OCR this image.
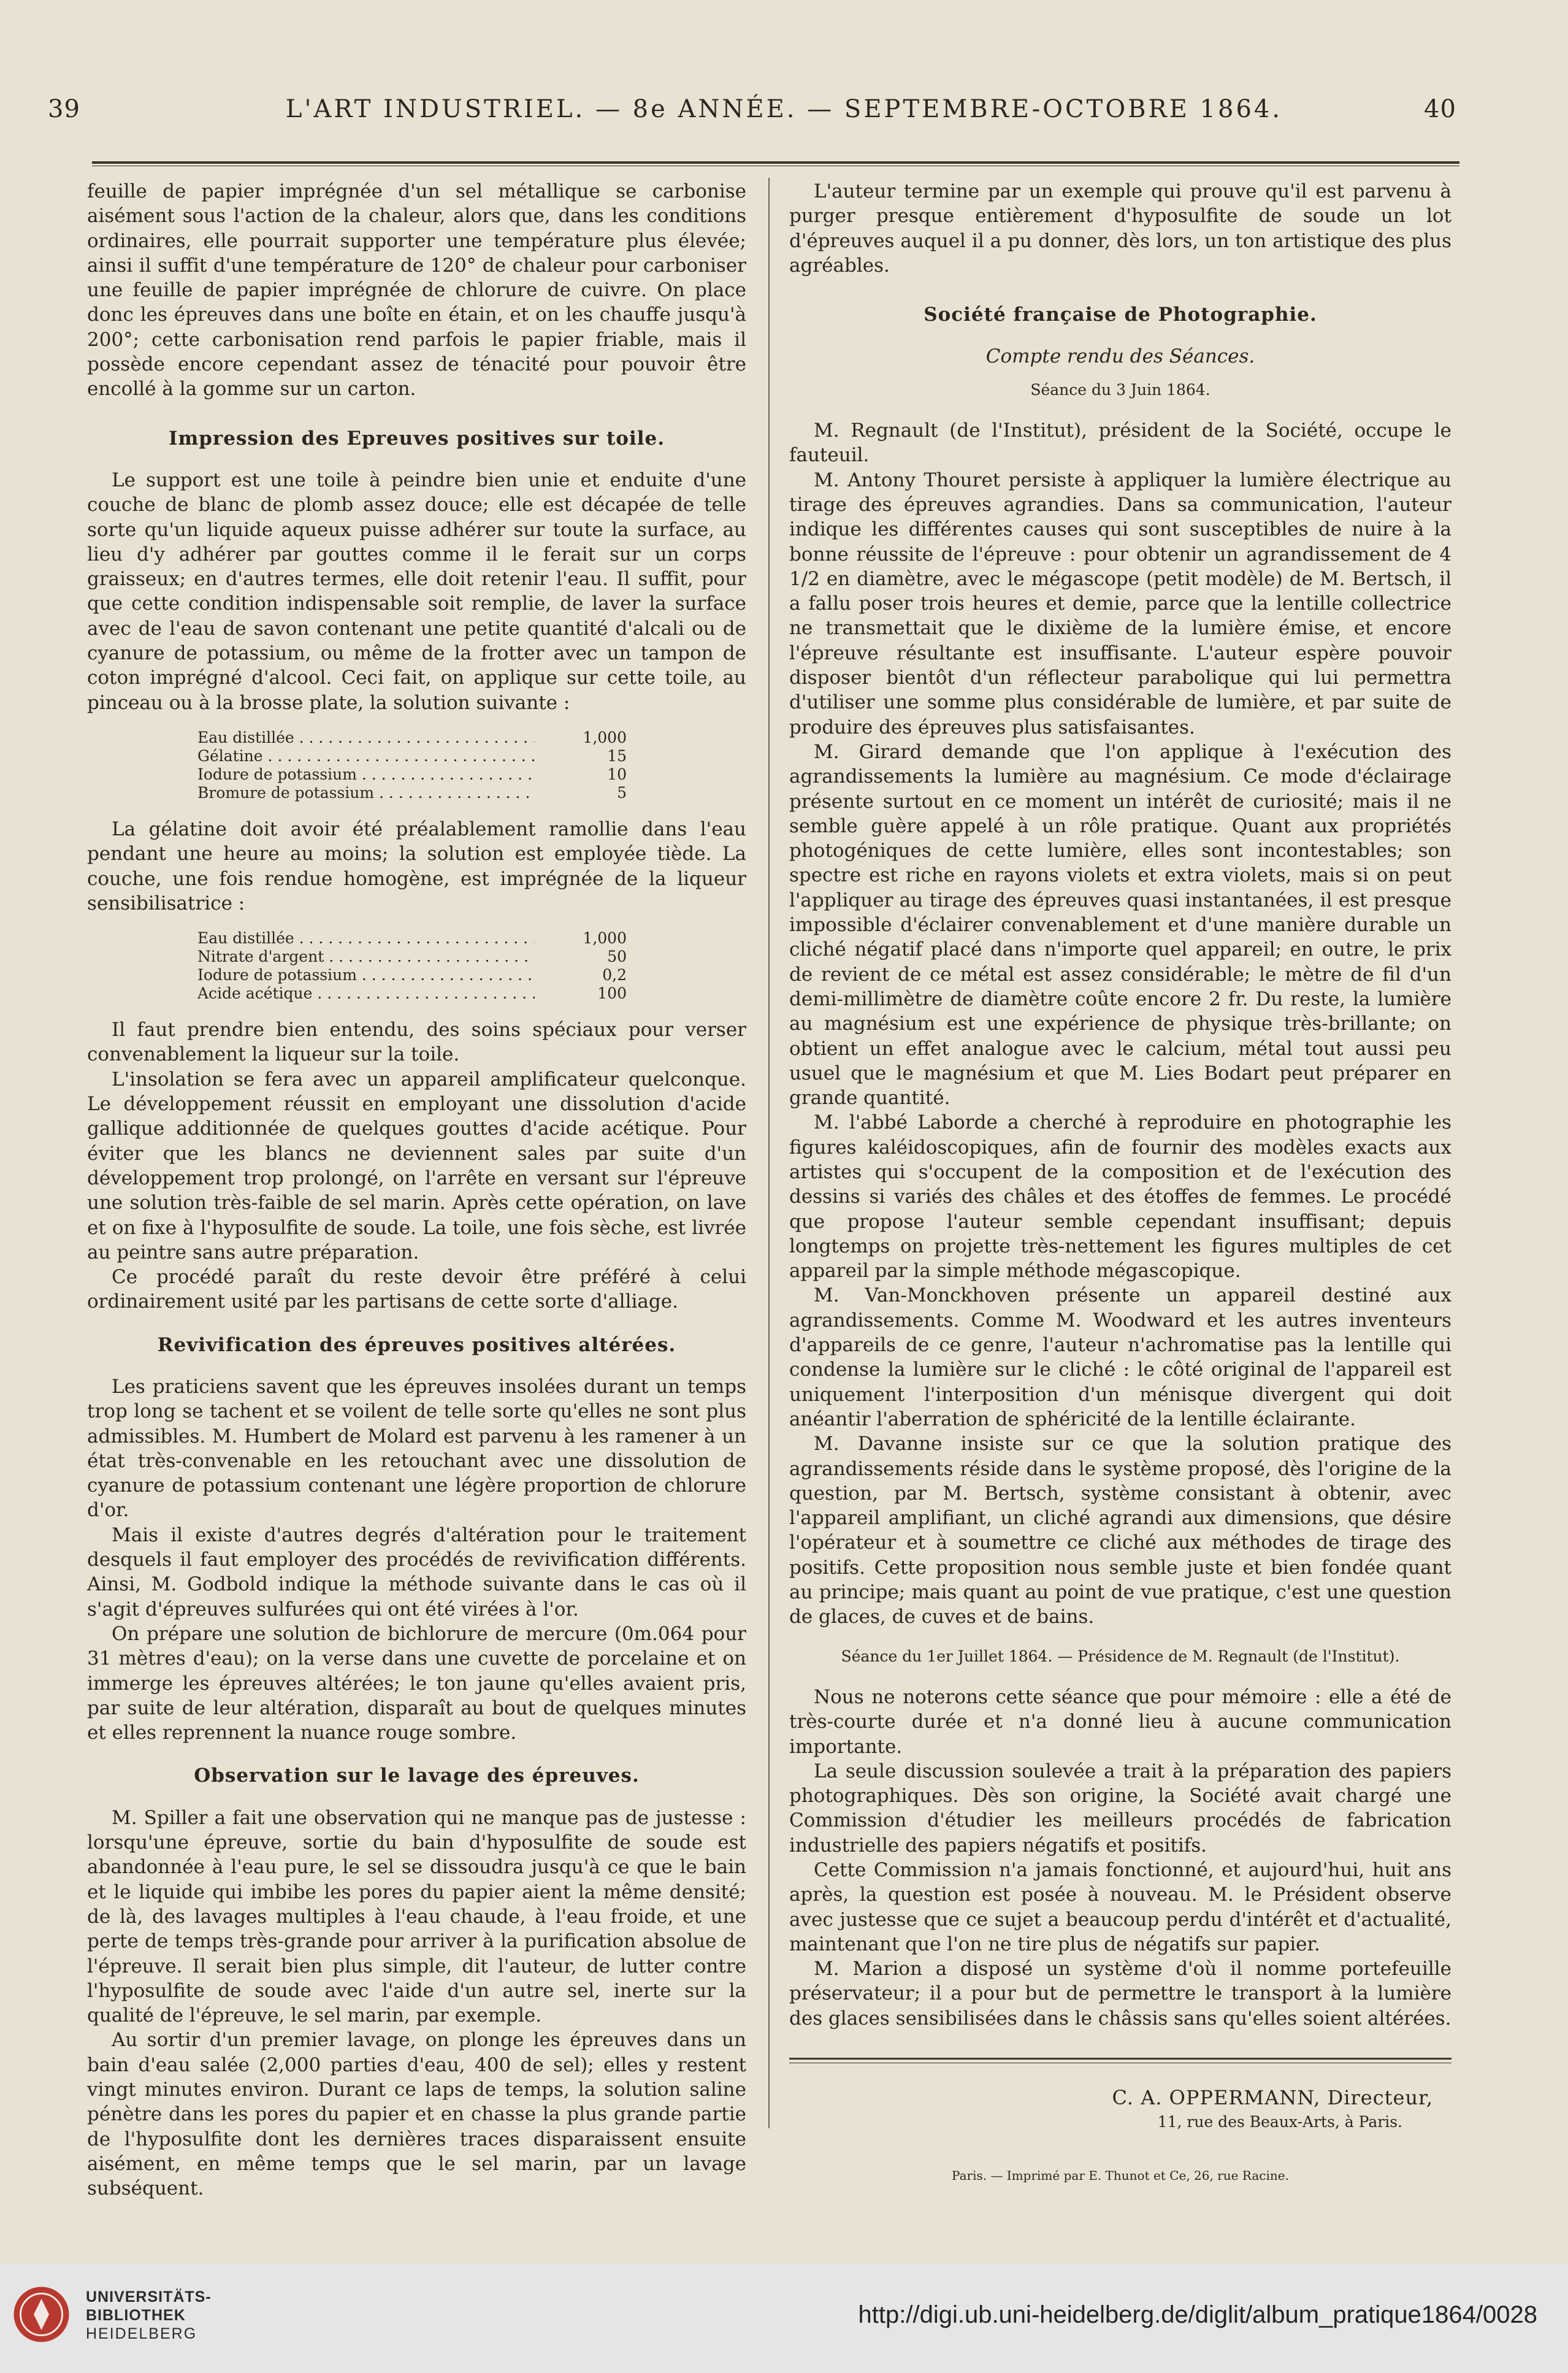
39	L'ART INDUSTRIEL. — 8e ANNÉE. — SEPTEMBRE-OCTOBRE 1864.	40

feuille de papier imprégnée d'un sel métallique se carbonise aisément sous l'action de la chaleur, alors que, dans les conditions ordinaires, elle pourrait supporter une température plus élevée; ainsi il suffit d'une température de 120° de chaleur pour carboniser une feuille de papier imprégnée de chlorure de cuivre. On place donc les épreuves dans une boîte en étain, et on les chauffe jusqu'à 200°; cette carbonisation rend parfois le papier friable, mais il possède encore cependant assez de ténacité pour pouvoir être encollé à la gomme sur un carton.

Impression des Epreuves positives sur toile.

Le support est une toile à peindre bien unie et enduite d'une couche de blanc de plomb assez douce; elle est décapée de telle sorte qu'un liquide aqueux puisse adhérer sur toute la surface, au lieu d'y adhérer par gouttes comme il le ferait sur un corps graisseux; en d'autres termes, elle doit retenir l'eau. Il suffit, pour que cette condition indispensable soit remplie, de laver la surface avec de l'eau de savon contenant une petite quantité d'alcali ou de cyanure de potassium, ou même de la frotter avec un tampon de coton imprégné d'alcool. Ceci fait, on applique sur cette toile, au pinceau ou à la brosse plate, la solution suivante :

Eau distillée . . .	1,000
Gélatine . . .	15
Iodure de potassium . . .	10
Bromure de potassium . . .	5

La gélatine doit avoir été préalablement ramollie dans l'eau pendant une heure au moins; la solution est employée tiède. La couche, une fois rendue homogène, est imprégnée de la liqueur sensibilisatrice :

Eau distillée . . .	1,000
Nitrate d'argent . . .	50
Iodure de potassium . . .	0,2
Acide acétique . . .	100

Il faut prendre bien entendu, des soins spéciaux pour verser convenablement la liqueur sur la toile.

L'insolation se fera avec un appareil amplificateur quelconque. Le développement réussit en employant une dissolution d'acide gallique additionnée de quelques gouttes d'acide acétique. Pour éviter que les blancs ne deviennent sales par suite d'un développement trop prolongé, on l'arrête en versant sur l'épreuve une solution très-faible de sel marin. Après cette opération, on lave et on fixe à l'hyposulfite de soude. La toile, une fois sèche, est livrée au peintre sans autre préparation.

Ce procédé paraît du reste devoir être préféré à celui ordinairement usité par les partisans de cette sorte d'alliage.

Revivification des épreuves positives altérées.

Les praticiens savent que les épreuves insolées durant un temps trop long se tachent et se voilent de telle sorte qu'elles ne sont plus admissibles. M. Humbert de Molard est parvenu à les ramener à un état très-convenable en les retouchant avec une dissolution de cyanure de potassium contenant une légère proportion de chlorure d'or.

Mais il existe d'autres degrés d'altération pour le traitement desquels il faut employer des procédés de revivification différents. Ainsi, M. Godbold indique la méthode suivante dans le cas où il s'agit d'épreuves sulfurées qui ont été virées à l'or.

On prépare une solution de bichlorure de mercure (0m.064 pour 31 mètres d'eau); on la verse dans une cuvette de porcelaine et on immerge les épreuves altérées; le ton jaune qu'elles avaient pris, par suite de leur altération, disparaît au bout de quelques minutes et elles reprennent la nuance rouge sombre.

Observation sur le lavage des épreuves.

M. Spiller a fait une observation qui ne manque pas de justesse : lorsqu'une épreuve, sortie du bain d'hyposulfite de soude est abandonnée à l'eau pure, le sel se dissoudra jusqu'à ce que le bain et le liquide qui imbibe les pores du papier aient la même densité; de là, des lavages multiples à l'eau chaude, à l'eau froide, et une perte de temps très-grande pour arriver à la purification absolue de l'épreuve. Il serait bien plus simple, dit l'auteur, de lutter contre l'hyposulfite de soude avec l'aide d'un autre sel, inerte sur la qualité de l'épreuve, le sel marin, par exemple.

Au sortir d'un premier lavage, on plonge les épreuves dans un bain d'eau salée (2,000 parties d'eau, 400 de sel); elles y restent vingt minutes environ. Durant ce laps de temps, la solution saline pénètre dans les pores du papier et en chasse la plus grande partie de l'hyposulfite dont les dernières traces disparaissent ensuite aisément, en même temps que le sel marin, par un lavage subséquent.

L'auteur termine par un exemple qui prouve qu'il est parvenu à purger presque entièrement d'hyposulfite de soude un lot d'épreuves auquel il a pu donner, dès lors, un ton artistique des plus agréables.

Société française de Photographie.
Compte rendu des Séances.
Séance du 3 Juin 1864.

M. Regnault (de l'Institut), président de la Société, occupe le fauteuil.

M. Antony Thouret persiste à appliquer la lumière électrique au tirage des épreuves agrandies. Dans sa communication, l'auteur indique les différentes causes qui sont susceptibles de nuire à la bonne réussite de l'épreuve : pour obtenir un agrandissement de 4 1/2 en diamètre, avec le mégascope (petit modèle) de M. Bertsch, il a fallu poser trois heures et demie, parce que la lentille collectrice ne transmettait que le dixième de la lumière émise, et encore l'épreuve résultante est insuffisante. L'auteur espère pouvoir disposer bientôt d'un réflecteur parabolique qui lui permettra d'utiliser une somme plus considérable de lumière, et par suite de produire des épreuves plus satisfaisantes.

M. Girard demande que l'on applique à l'exécution des agrandissements la lumière au magnésium. Ce mode d'éclairage présente surtout en ce moment un intérêt de curiosité; mais il ne semble guère appelé à un rôle pratique. Quant aux propriétés photogéniques de cette lumière, elles sont incontestables; son spectre est riche en rayons violets et extra violets, mais si on peut l'appliquer au tirage des épreuves quasi instantanées, il est presque impossible d'éclairer convenablement et d'une manière durable un cliché négatif placé dans n'importe quel appareil; en outre, le prix de revient de ce métal est assez considérable; le mètre de fil d'un demi-millimètre de diamètre coûte encore 2 fr. Du reste, la lumière au magnésium est une expérience de physique très-brillante; on obtient un effet analogue avec le calcium, métal tout aussi peu usuel que le magnésium et que M. Lies Bodart peut préparer en grande quantité.

M. l'abbé Laborde a cherché à reproduire en photographie les figures kaléidoscopiques, afin de fournir des modèles exacts aux artistes qui s'occupent de la composition et de l'exécution des dessins si variés des châles et des étoffes de femmes. Le procédé que propose l'auteur semble cependant insuffisant; depuis longtemps on projette très-nettement les figures multiples de cet appareil par la simple méthode mégascopique.

M. Van-Monckhoven présente un appareil destiné aux agrandissements. Comme M. Woodward et les autres inventeurs d'appareils de ce genre, l'auteur n'achromatise pas la lentille qui condense la lumière sur le cliché : le côté original de l'appareil est uniquement l'interposition d'un ménisque divergent qui doit anéantir l'aberration de sphéricité de la lentille éclairante.

M. Davanne insiste sur ce que la solution pratique des agrandissements réside dans le système proposé, dès l'origine de la question, par M. Bertsch, système consistant à obtenir, avec l'appareil amplifiant, un cliché agrandi aux dimensions, que désire l'opérateur et à soumettre ce cliché aux méthodes de tirage des positifs. Cette proposition nous semble juste et bien fondée quant au principe; mais quant au point de vue pratique, c'est une question de glaces, de cuves et de bains.

Séance du 1er Juillet 1864. — Présidence de M. Regnault (de l'Institut).

Nous ne noterons cette séance que pour mémoire : elle a été de très-courte durée et n'a donné lieu à aucune communication importante.

La seule discussion soulevée a trait à la préparation des papiers photographiques. Dès son origine, la Société avait chargé une Commission d'étudier les meilleurs procédés de fabrication industrielle des papiers négatifs et positifs.

Cette Commission n'a jamais fonctionné, et aujourd'hui, huit ans après, la question est posée à nouveau. M. le Président observe avec justesse que ce sujet a beaucoup perdu d'intérêt et d'actualité, maintenant que l'on ne tire plus de négatifs sur papier.

M. Marion a disposé un système d'où il nomme portefeuille préservateur; il a pour but de permettre le transport à la lumière des glaces sensibilisées dans le châssis sans qu'elles soient altérées.

C. A. OPPERMANN, Directeur,
11, rue des Beaux-Arts, à Paris.
Paris. — Imprimé par E. Thunot et Ce, 26, rue Racine.
UNIVERSITÄTS-
BIBLIOTHEK
HEIDELBERG
http://digi.ub.uni-heidelberg.de/diglit/album_pratique1864/0028
